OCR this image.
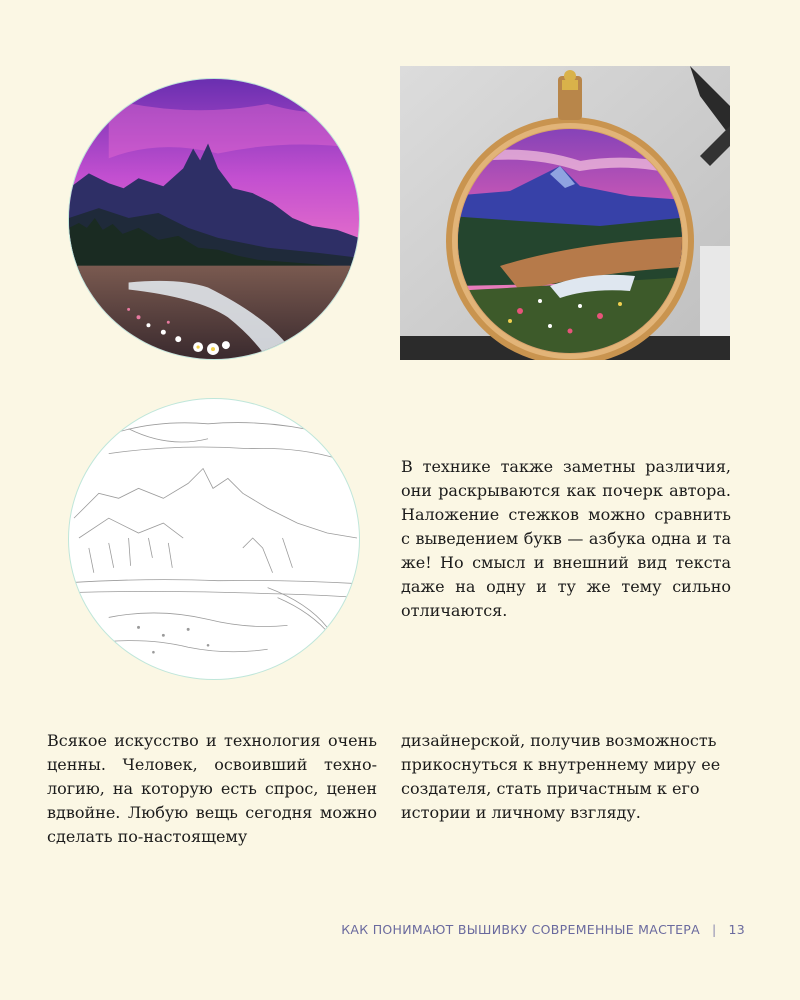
В технике также заметны различия, они раскрываются как почерк автора. Наложение стежков можно сравнить с выведением букв — азбука одна и та же! Но смысл и внешний вид текста даже на одну и ту же тему сильно отличаются.
Всякое искусство и технология очень ценны. Человек, освоивший технологию, на которую есть спрос, ценен вдвойне. Любую вещь сегодня можно сделать по-настоящему
дизайнерской, получив возможность прикоснуться к внутреннему миру ее создателя, стать причастным к его истории и личному взгляду.
КАК ПОНИМАЮТ ВЫШИВКУ СОВРЕМЕННЫЕ МАСТЕРА | 13
